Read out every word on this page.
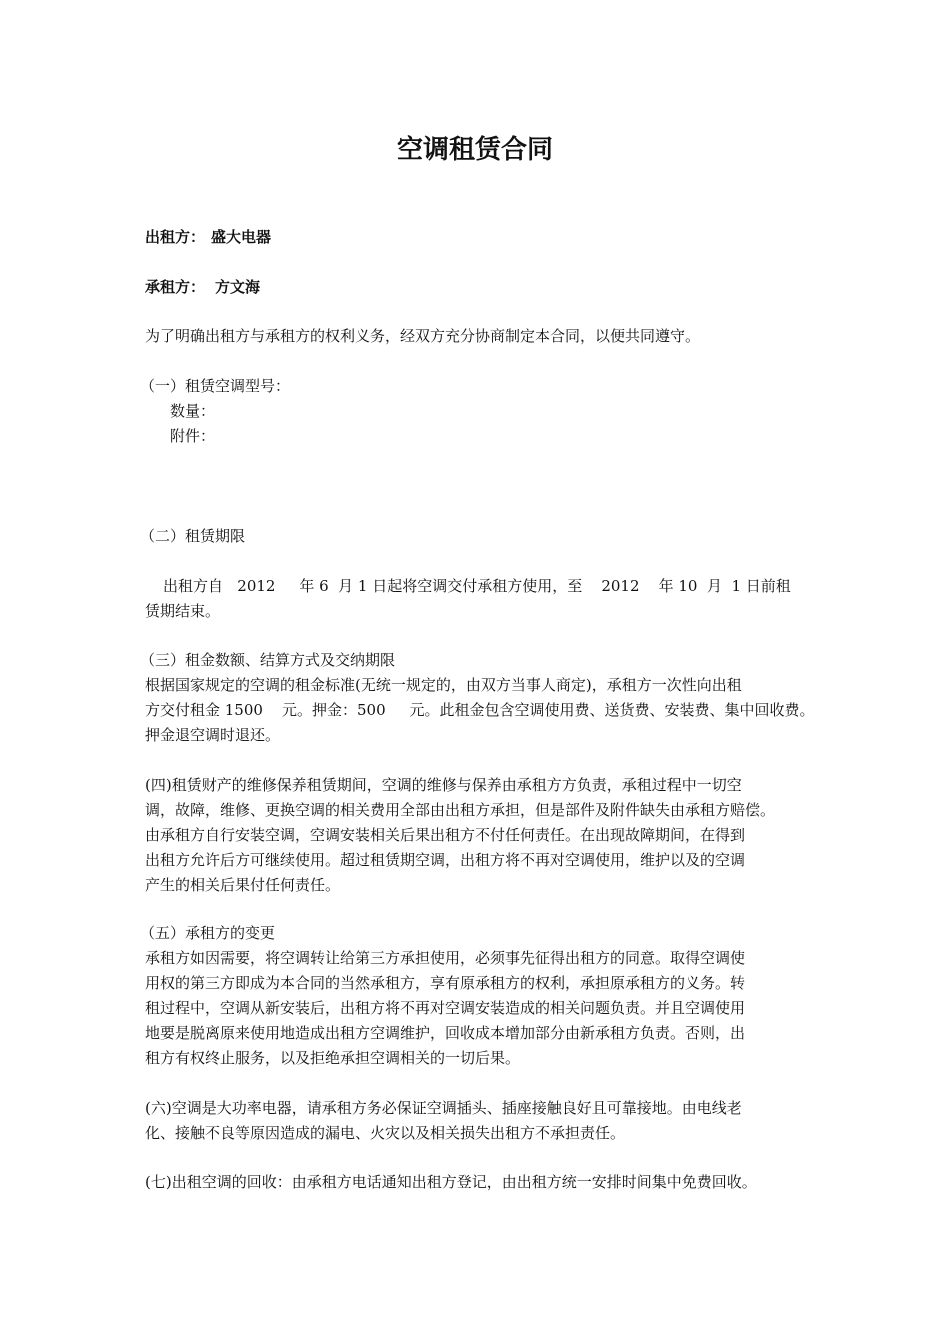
空调租赁合同
出租方： 盛大电器
承租方： 方文海
为了明确出租方与承租方的权利义务，经双方充分协商制定本合同，以便共同遵守。
（一）租赁空调型号：
数量：
附件：
（二）租赁期限
出租方自   2012     年 6  月 1 日起将空调交付承租方使用，至    2012    年 10  月  1 日前租
赁期结束。
（三）租金数额、结算方式及交纳期限
根据国家规定的空调的租金标准(无统一规定的，由双方当事人商定)，承租方一次性向出租
方交付租金 1500    元。押金：500     元。此租金包含空调使用费、送货费、安装费、集中回收费。
押金退空调时退还。
(四)租赁财产的维修保养租赁期间，空调的维修与保养由承租方方负责，承租过程中一切空
调，故障，维修、更换空调的相关费用全部由出租方承担，但是部件及附件缺失由承租方赔偿。
由承租方自行安装空调，空调安装相关后果出租方不付任何责任。在出现故障期间，在得到
出租方允许后方可继续使用。超过租赁期空调，出租方将不再对空调使用，维护以及的空调
产生的相关后果付任何责任。
（五）承租方的变更
承租方如因需要，将空调转让给第三方承担使用，必须事先征得出租方的同意。取得空调使
用权的第三方即成为本合同的当然承租方，享有原承租方的权利，承担原承租方的义务。转
租过程中，空调从新安装后，出租方将不再对空调安装造成的相关问题负责。并且空调使用
地要是脱离原来使用地造成出租方空调维护，回收成本增加部分由新承租方负责。否则，出
租方有权终止服务，以及拒绝承担空调相关的一切后果。
(六)空调是大功率电器，请承租方务必保证空调插头、插座接触良好且可靠接地。由电线老
化、接触不良等原因造成的漏电、火灾以及相关损失出租方不承担责任。
(七)出租空调的回收：由承租方电话通知出租方登记，由出租方统一安排时间集中免费回收。
